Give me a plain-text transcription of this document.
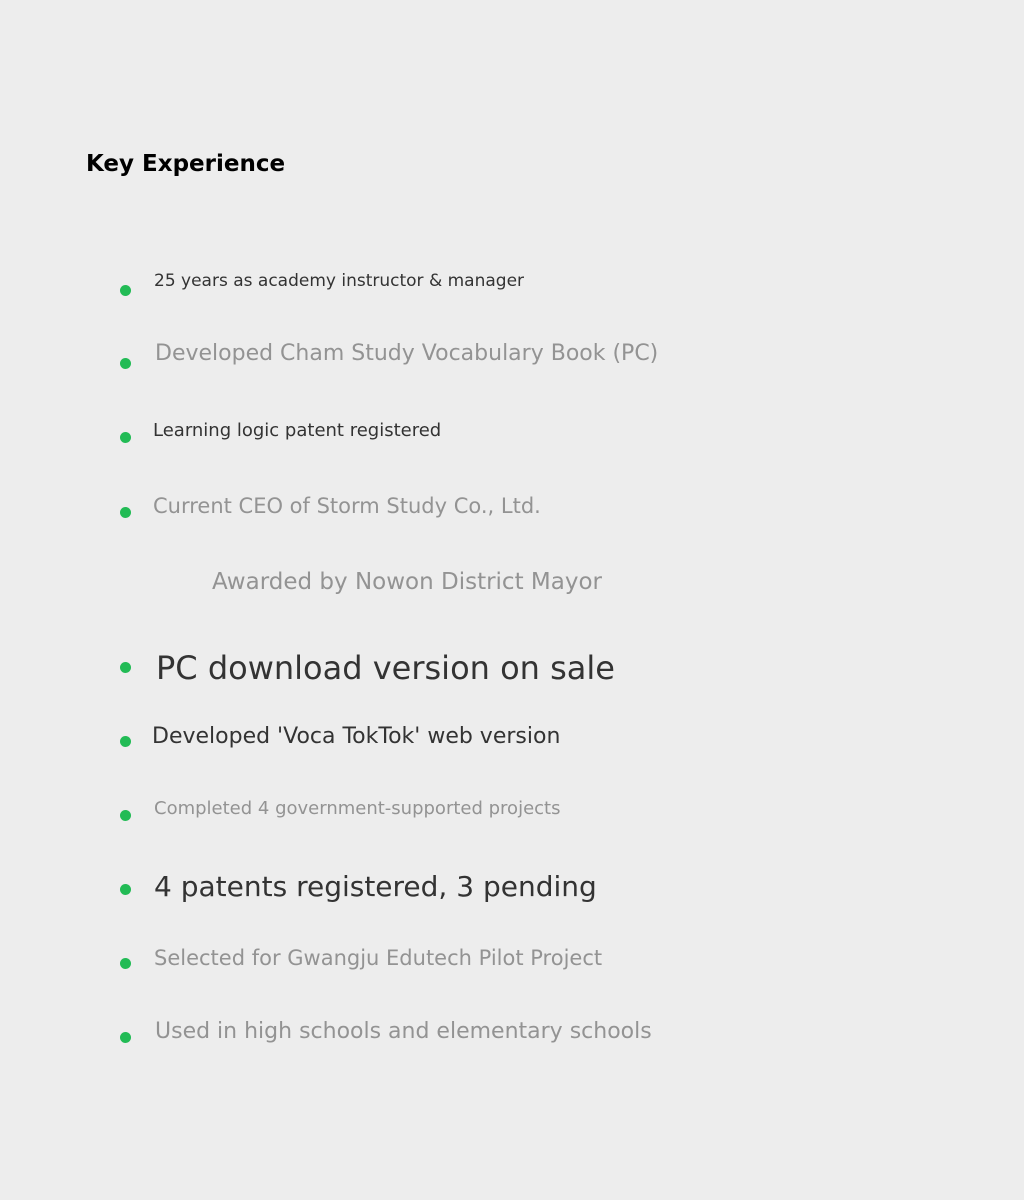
Key Experience
25 years as academy instructor & manager
Developed Cham Study Vocabulary Book (PC)
Learning logic patent registered
Current CEO of Storm Study Co., Ltd.
Awarded by Nowon District Mayor
PC download version on sale
Developed 'Voca TokTok' web version
Completed 4 government-supported projects
4 patents registered, 3 pending
Selected for Gwangju Edutech Pilot Project
Used in high schools and elementary schools
